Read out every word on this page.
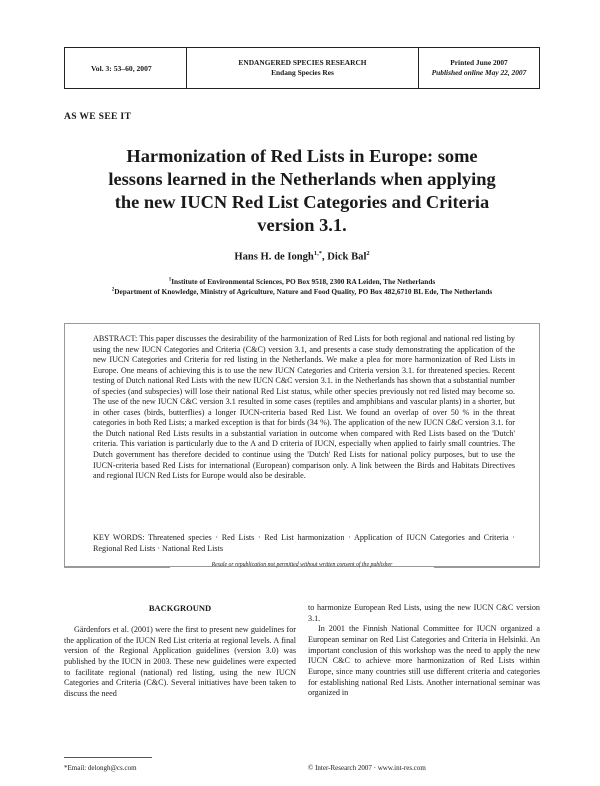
Vol. 3: 53–60, 2007
ENDANGERED SPECIES RESEARCH
Endang Species Res
Printed June 2007
Published online May 22, 2007
AS WE SEE IT
Harmonization of Red Lists in Europe: some
lessons learned in the Netherlands when applying
the new IUCN Red List Categories and Criteria
version 3.1.
Hans H. de Iongh$^{1,*}$, Dick Bal$^2$
$^1$Institute of Environmental Sciences, PO Box 9518, 2300 RA Leiden, The Netherlands
$^2$Department of Knowledge, Ministry of Agriculture, Nature and Food Quality, PO Box 482,6710 BL Ede, The Netherlands
ABSTRACT: This paper discusses the desirability of the harmonization of Red Lists for both regional and national red listing by using the new IUCN Categories and Criteria (C&C) version 3.1, and presents a case study demonstrating the application of the new IUCN Categories and Criteria for red listing in the Netherlands. We make a plea for more harmonization of Red Lists in Europe. One means of achieving this is to use the new IUCN Categories and Criteria version 3.1. for threatened species. Recent testing of Dutch national Red Lists with the new IUCN C&C version 3.1. in the Netherlands has shown that a substantial number of species (and subspecies) will lose their national Red List status, while other species previously not red listed may become so. The use of the new IUCN C&C version 3.1 resulted in some cases (reptiles and amphibians and vascular plants) in a shorter, but in other cases (birds, butterflies) a longer IUCN-criteria based Red List. We found an overlap of over 50 % in the threat categories in both Red Lists; a marked exception is that for birds (34 %). The application of the new IUCN C&C version 3.1. for the Dutch national Red Lists results in a substantial variation in outcome when compared with Red Lists based on the 'Dutch' criteria. This variation is particularly due to the A and D criteria of IUCN, especially when applied to fairly small countries. The Dutch government has therefore decided to continue using the 'Dutch' Red Lists for national policy purposes, but to use the IUCN-criteria based Red Lists for international (European) comparison only. A link between the Birds and Habitats Directives and regional IUCN Red Lists for Europe would also be desirable.
KEY WORDS: Threatened species · Red Lists · Red List harmonization · Application of IUCN Categories and Criteria · Regional Red Lists · National Red Lists
Resale or republication not permitted without written consent of the publisher
BACKGROUND

Gärdenfors et al. (2001) were the first to present new guidelines for the application of the IUCN Red List criteria at regional levels. A final version of the Regional Application guidelines (version 3.0) was published by the IUCN in 2003. These new guidelines were expected to facilitate regional (national) red listing, using the new IUCN Categories and Criteria (C&C). Several initiatives have been taken to discuss the need

to harmonize European Red Lists, using the new IUCN C&C version 3.1.

In 2001 the Finnish National Committee for IUCN organized a European seminar on Red List Categories and Criteria in Helsinki. An important conclusion of this workshop was the need to apply the new IUCN C&C to achieve more harmonization of Red Lists within Europe, since many countries still use different criteria and categories for establishing national Red Lists. Another international seminar was organized in

*Email: delongh@cs.com	© Inter-Research 2007 · www.int-res.com
